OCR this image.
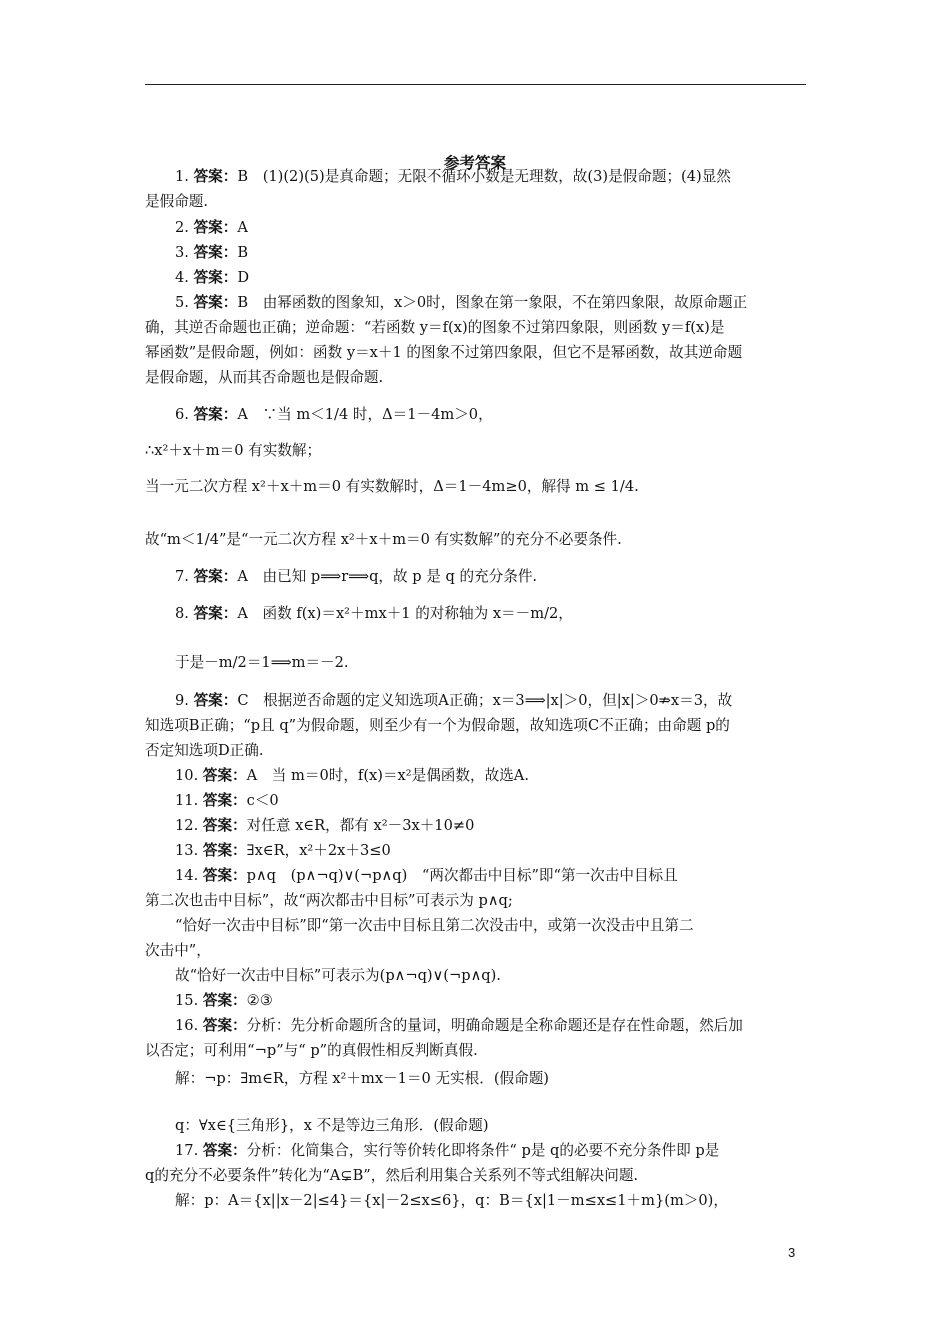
参考答案
1. 答案：B　(1)(2)(5)是真命题；无限不循环小数是无理数，故(3)是假命题；(4)显然
是假命题.
2. 答案：A
3. 答案：B
4. 答案：D
5. 答案：B　由幂函数的图象知，x＞0时，图象在第一象限，不在第四象限，故原命题正
确，其逆否命题也正确；逆命题：“若函数 y＝f(x)的图象不过第四象限，则函数 y＝f(x)是
幂函数”是假命题，例如：函数 y＝x＋1 的图象不过第四象限，但它不是幂函数，故其逆命题
是假命题，从而其否命题也是假命题.
6. 答案：A　∵当 m＜1/4 时，Δ＝1－4m＞0，
∴x²＋x＋m＝0 有实数解；
当一元二次方程 x²＋x＋m＝0 有实数解时，Δ＝1－4m≥0，解得 m ≤ 1/4.
故“m＜1/4”是“一元二次方程 x²＋x＋m＝0 有实数解”的充分不必要条件.
7. 答案：A　由已知 p⟹r⟹q，故 p 是 q 的充分条件.
8. 答案：A　函数 f(x)＝x²＋mx＋1 的对称轴为 x＝－m/2，
于是－m/2＝1⟹m＝－2.
9. 答案：C　根据逆否命题的定义知选项A正确；x＝3⟹|x|＞0，但|x|＞0⇏x＝3，故
知选项B正确；“p且 q”为假命题，则至少有一个为假命题，故知选项C不正确；由命题 p的
否定知选项D正确.
10. 答案：A　当 m＝0时，f(x)＝x²是偶函数，故选A.
11. 答案：c＜0
12. 答案：对任意 x∈R，都有 x²－3x＋10≠0
13. 答案：∃x∈R，x²＋2x＋3≤0
14. 答案：p∧q　(p∧¬q)∨(¬p∧q)　“两次都击中目标”即“第一次击中目标且
第二次也击中目标”，故“两次都击中目标”可表示为 p∧q;
“恰好一次击中目标”即“第一次击中目标且第二次没击中，或第一次没击中且第二
次击中”，
故“恰好一次击中目标”可表示为(p∧¬q)∨(¬p∧q).
15. 答案：②③
16. 答案：分析：先分析命题所含的量词，明确命题是全称命题还是存在性命题，然后加
以否定；可利用“¬p”与“ p”的真假性相反判断真假.
解：¬p：∃m∈R，方程 x²＋mx－1＝0 无实根．(假命题)
q：∀x∈{三角形}，x 不是等边三角形．(假命题)
17. 答案：分析：化简集合，实行等价转化即将条件“ p是 q的必要不充分条件即 p是
q的充分不必要条件”转化为“A⊊B”，然后利用集合关系列不等式组解决问题.
解：p：A＝{x||x－2|≤4}＝{x|－2≤x≤6}，q：B＝{x|1－m≤x≤1＋m}(m＞0)，
3
